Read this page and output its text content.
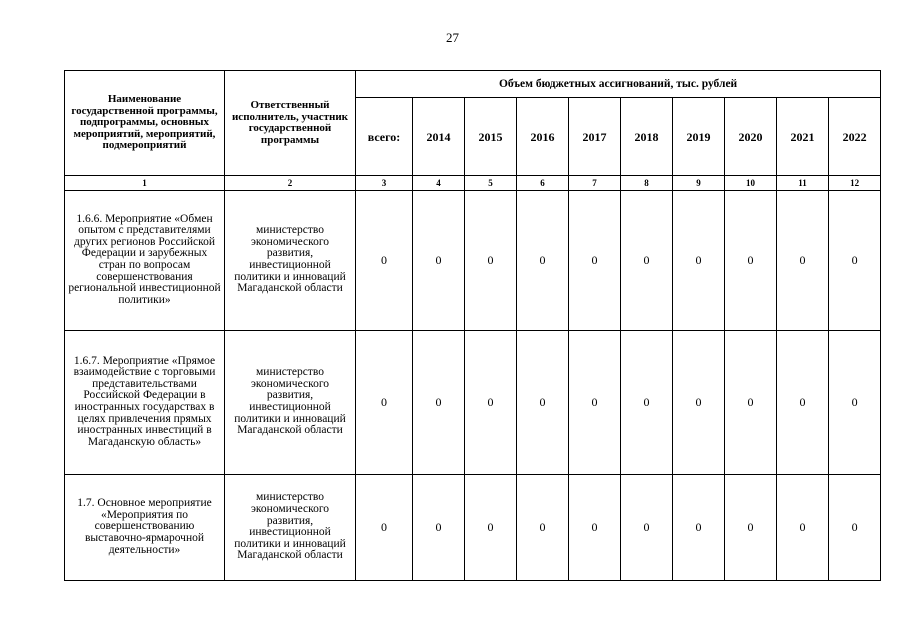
27
Наименование государственной программы, подпрограммы, основных мероприятий, мероприятий, подмероприятий	Ответственный исполнитель, участник государственной программы	Объем бюджетных ассигнований, тыс. рублей									
		всего:	2014	2015	2016	2017	2018	2019	2020	2021	2022
1	2	3	4	5	6	7	8	9	10	11	12
1.6.6. Мероприятие «Обмен опытом с представителями других регионов Российской Федерации и зарубежных стран по вопросам совершенствования региональной инвестиционной политики»	министерство экономического развития, инвестиционной политики и инноваций Магаданской области	0	0	0	0	0	0	0	0	0	0
1.6.7. Мероприятие «Прямое взаимодействие с торговыми представительствами Российской Федерации в иностранных государствах в целях привлечения прямых иностранных инвестиций в Магаданскую область»	министерство экономического развития, инвестиционной политики и инноваций Магаданской области	0	0	0	0	0	0	0	0	0	0
1.7. Основное мероприятие «Мероприятия по совершенствованию выставочно-ярмарочной деятельности»	министерство экономического развития, инвестиционной политики и инноваций Магаданской области	0	0	0	0	0	0	0	0	0	0
